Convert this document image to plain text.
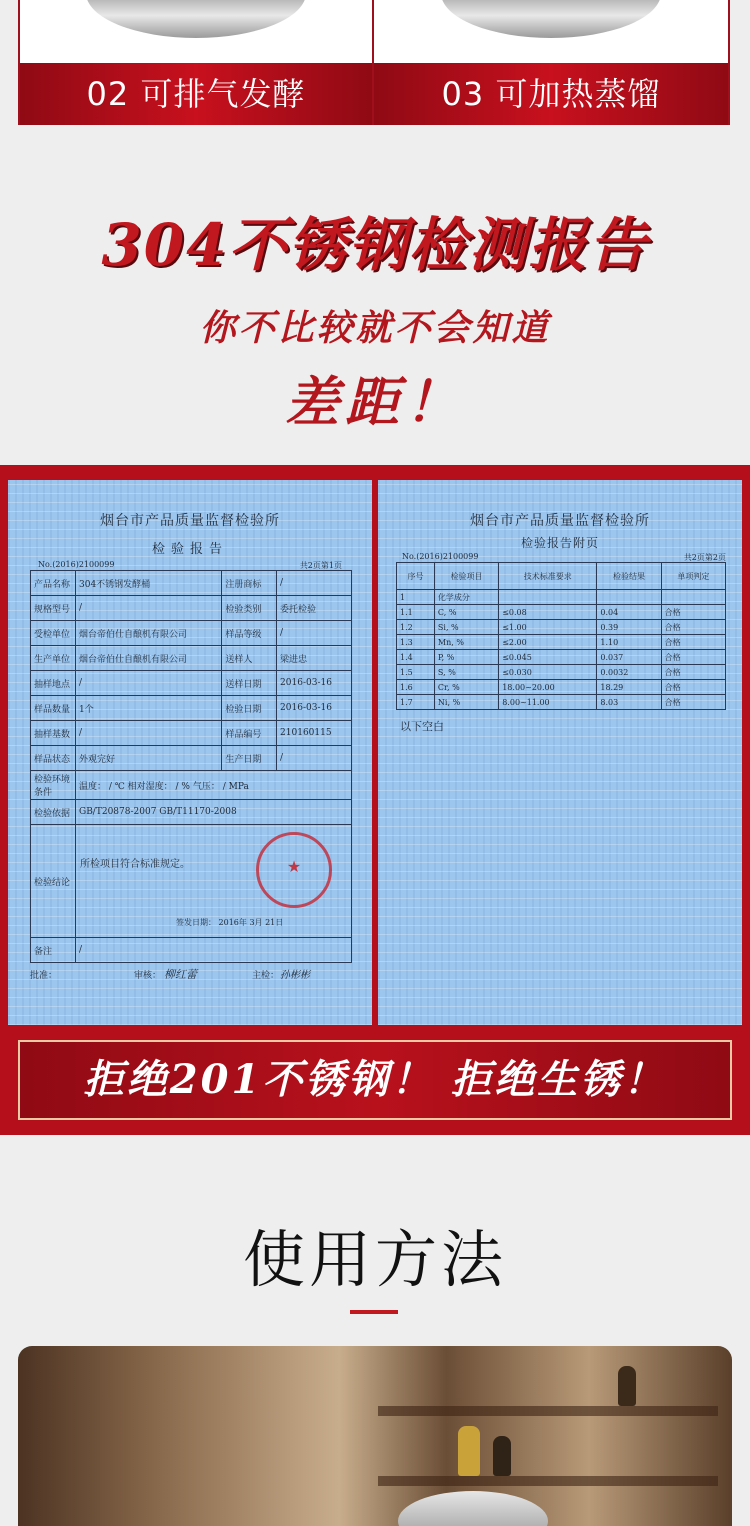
02 可排气发酵	03 可加热蒸馏
304不锈钢检测报告
你不比较就不会知道
差距！
烟台市产品质量监督检验所
检验报告
No.(2016)2100099	共2页第1页
产品名称	304不锈钢发酵桶	注册商标	/
规格型号	/	检验类别	委托检验
受检单位	烟台帝伯仕自酿机有限公司	样品等级	/
生产单位	烟台帝伯仕自酿机有限公司	送样人	梁进忠
抽样地点	/	送样日期	2016-03-16
样品数量	1个	检验日期	2016-03-16
抽样基数	/	样品编号	210160115
样品状态	外观完好	生产日期	/
检验环境条件	温度： / ℃ 相对湿度： / % 气压： / MPa		
检验依据	GB/T20878-2007 GB/T11170-2008		
检验结论	所检项目符合标准规定。
签发日期： 2016年 3月 21日		

备注	/		
★
批准：	审核： 柳红蕾	主检： 孙彬彬
烟台市产品质量监督检验所
检验报告附页
No.(2016)2100099	共2页第2页
序号	检验项目	技术标准要求	检验结果	单项判定
1	化学成分			
1.1	C, %	≤0.08	0.04	合格
1.2	Si, %	≤1.00	0.39	合格
1.3	Mn, %	≤2.00	1.10	合格
1.4	P, %	≤0.045	0.037	合格
1.5	S, %	≤0.030	0.0032	合格
1.6	Cr, %	18.00~20.00	18.29	合格
1.7	Ni, %	8.00~11.00	8.03	合格
以下空白
拒绝201不锈钢！ 拒绝生锈！
使用方法
